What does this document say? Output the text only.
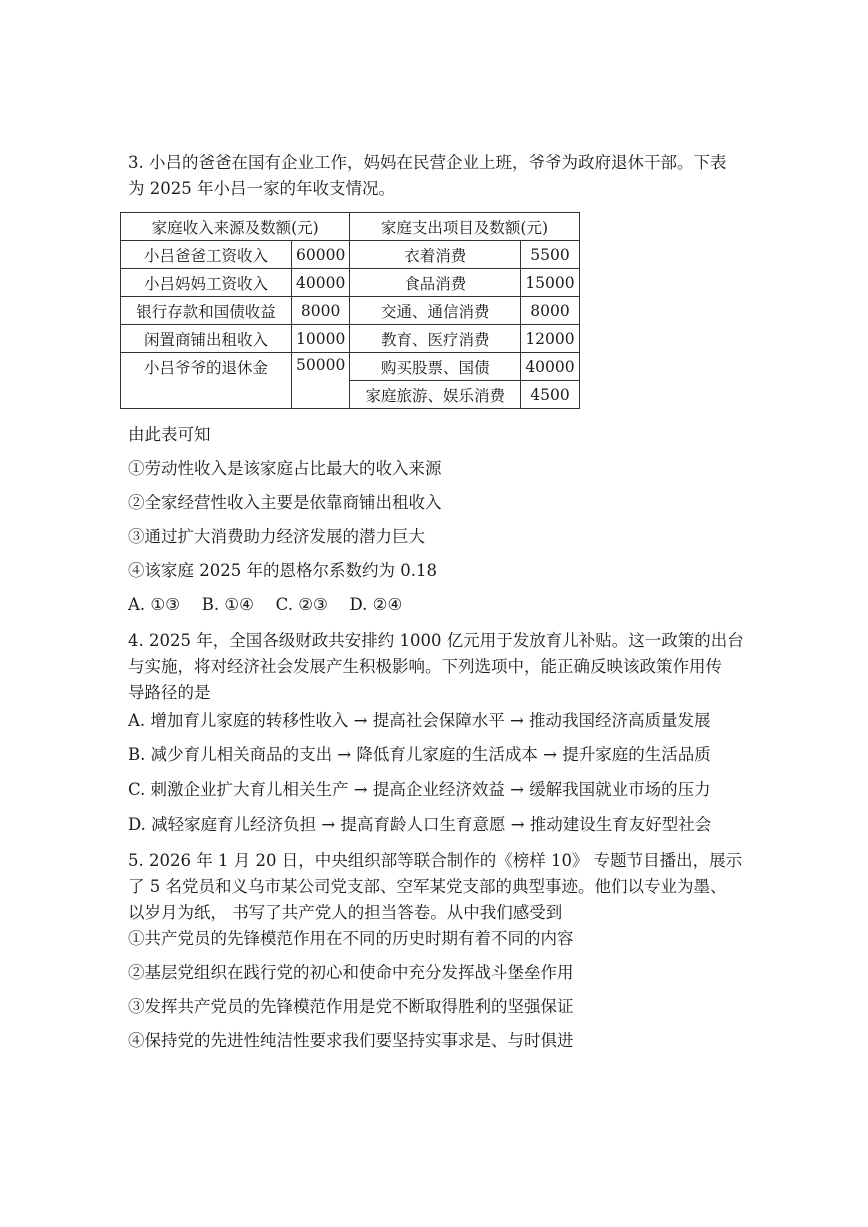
3. 小吕的爸爸在国有企业工作，妈妈在民营企业上班，爷爷为政府退休干部。下表
为 2025 年小吕一家的年收支情况。
家庭收入来源及数额(元)		家庭支出项目及数额(元)	
小吕爸爸工资收入	60000	衣着消费	5500
小吕妈妈工资收入	40000	食品消费	15000
银行存款和国债收益	8000	交通、通信消费	8000
闲置商铺出租收入	10000	教育、医疗消费	12000
小吕爷爷的退休金	50000	购买股票、国债	40000
		家庭旅游、娱乐消费	4500
由此表可知
①劳动性收入是该家庭占比最大的收入来源
②全家经营性收入主要是依靠商铺出租收入
③通过扩大消费助力经济发展的潜力巨大
④该家庭 2025 年的恩格尔系数约为 0.18
A. ①③　 B. ①④　 C. ②③　 D. ②④
4. 2025 年，全国各级财政共安排约 1000 亿元用于发放育儿补贴。这一政策的出台
与实施，将对经济社会发展产生积极影响。下列选项中，能正确反映该政策作用传
导路径的是
A. 增加育儿家庭的转移性收入 → 提高社会保障水平 → 推动我国经济高质量发展
B. 减少育儿相关商品的支出 → 降低育儿家庭的生活成本 → 提升家庭的生活品质
C. 刺激企业扩大育儿相关生产 → 提高企业经济效益 → 缓解我国就业市场的压力
D. 减轻家庭育儿经济负担 → 提高育龄人口生育意愿 → 推动建设生育友好型社会
5. 2026 年 1 月 20 日，中央组织部等联合制作的《榜样 10》 专题节目播出，展示
了 5 名党员和义乌市某公司党支部、空军某党支部的典型事迹。他们以专业为墨、
以岁月为纸， 书写了共产党人的担当答卷。从中我们感受到
①共产党员的先锋模范作用在不同的历史时期有着不同的内容
②基层党组织在践行党的初心和使命中充分发挥战斗堡垒作用
③发挥共产党员的先锋模范作用是党不断取得胜利的坚强保证
④保持党的先进性纯洁性要求我们要坚持实事求是、与时俱进
